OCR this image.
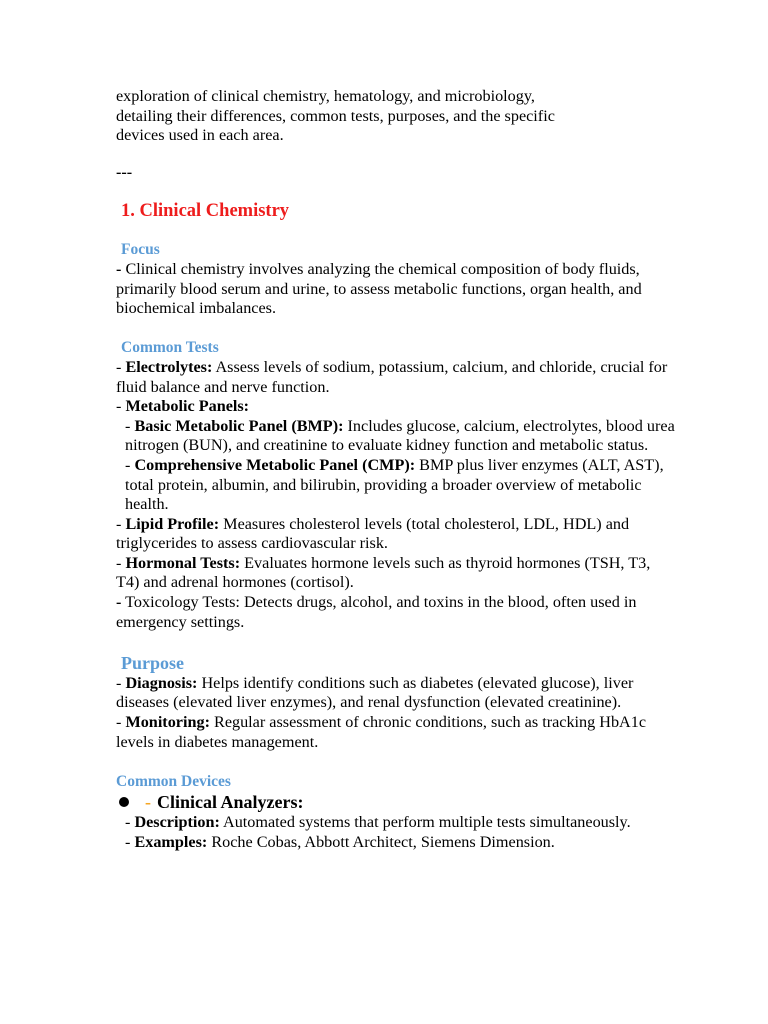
exploration of clinical chemistry, hematology, and microbiology,

detailing their differences, common tests, purposes, and the specific

devices used in each area.

---

1. Clinical Chemistry

Focus

- Clinical chemistry involves analyzing the chemical composition of body fluids, primarily blood serum and urine, to assess metabolic functions, organ health, and biochemical imbalances.

Common Tests

- Electrolytes: Assess levels of sodium, potassium, calcium, and chloride, crucial for fluid balance and nerve function.

- Metabolic Panels:

- Basic Metabolic Panel (BMP): Includes glucose, calcium, electrolytes, blood urea nitrogen (BUN), and creatinine to evaluate kidney function and metabolic status.

- Comprehensive Metabolic Panel (CMP): BMP plus liver enzymes (ALT, AST), total protein, albumin, and bilirubin, providing a broader overview of metabolic health.

- Lipid Profile: Measures cholesterol levels (total cholesterol, LDL, HDL) and triglycerides to assess cardiovascular risk.

- Hormonal Tests: Evaluates hormone levels such as thyroid hormones (TSH, T3, T4) and adrenal hormones (cortisol).

- Toxicology Tests: Detects drugs, alcohol, and toxins in the blood, often used in emergency settings.

Purpose

- Diagnosis: Helps identify conditions such as diabetes (elevated glucose), liver diseases (elevated liver enzymes), and renal dysfunction (elevated creatinine).

- Monitoring: Regular assessment of chronic conditions, such as tracking HbA1c levels in diabetes management.

Common Devices

- Clinical Analyzers:

- Description: Automated systems that perform multiple tests simultaneously.

- Examples: Roche Cobas, Abbott Architect, Siemens Dimension.
